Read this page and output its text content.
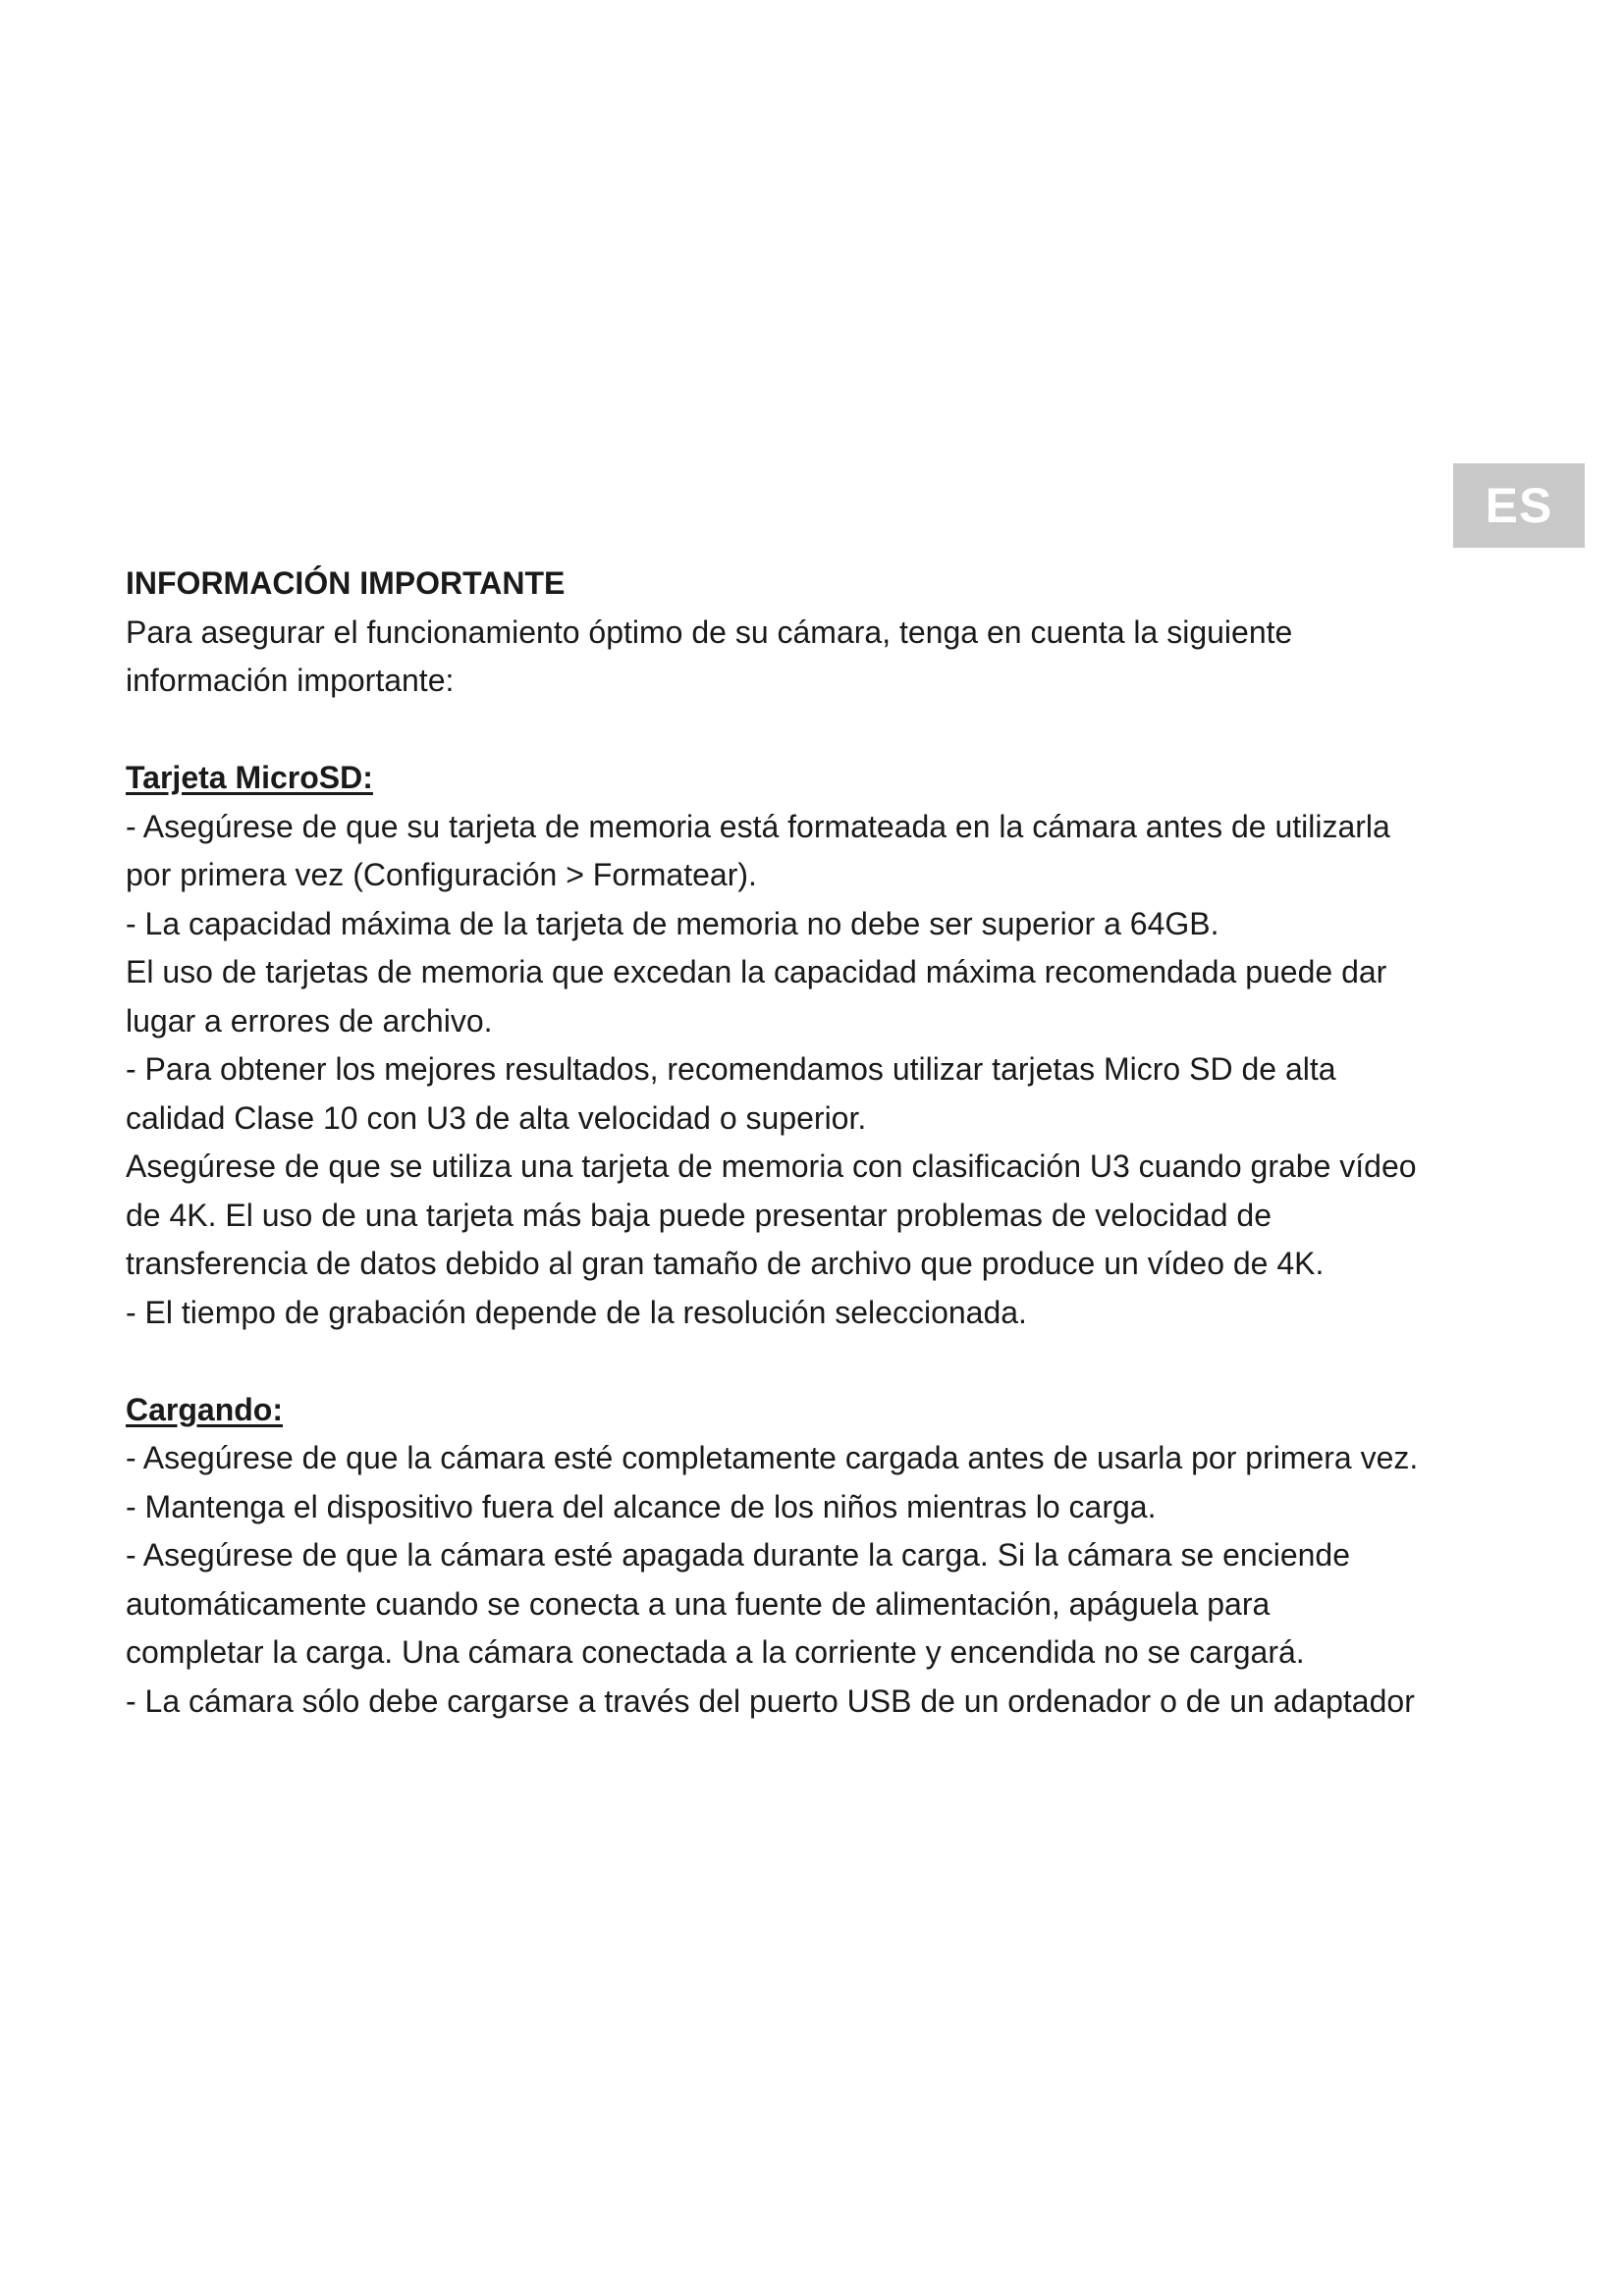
ES
INFORMACIÓN IMPORTANTE
Para asegurar el funcionamiento óptimo de su cámara, tenga en cuenta la siguiente
información importante:
Tarjeta MicroSD:
- Asegúrese de que su tarjeta de memoria está formateada en la cámara antes de utilizarla
por primera vez (Configuración > Formatear).
- La capacidad máxima de la tarjeta de memoria no debe ser superior a 64GB.
El uso de tarjetas de memoria que excedan la capacidad máxima recomendada puede dar
lugar a errores de archivo.
- Para obtener los mejores resultados, recomendamos utilizar tarjetas Micro SD de alta
calidad Clase 10 con U3 de alta velocidad o superior.
Asegúrese de que se utiliza una tarjeta de memoria con clasificación U3 cuando grabe vídeo
de 4K. El uso de una tarjeta más baja puede presentar problemas de velocidad de
transferencia de datos debido al gran tamaño de archivo que produce un vídeo de 4K.
- El tiempo de grabación depende de la resolución seleccionada.
Cargando:
- Asegúrese de que la cámara esté completamente cargada antes de usarla por primera vez.
- Mantenga el dispositivo fuera del alcance de los niños mientras lo carga.
- Asegúrese de que la cámara esté apagada durante la carga. Si la cámara se enciende
automáticamente cuando se conecta a una fuente de alimentación, apáguela para
completar la carga. Una cámara conectada a la corriente y encendida no se cargará.
- La cámara sólo debe cargarse a través del puerto USB de un ordenador o de un adaptador
